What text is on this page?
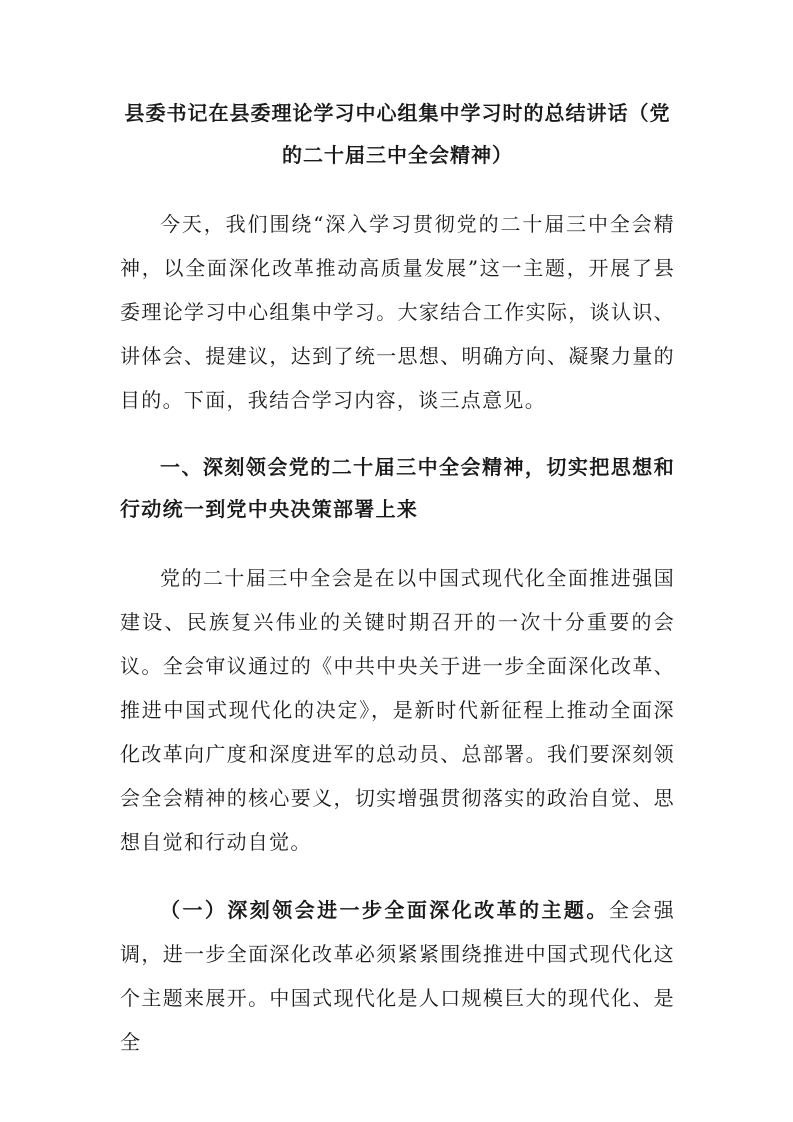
县委书记在县委理论学习中心组集中学习时的总结讲话（党的二十届三中全会精神）

今天，我们围绕“深入学习贯彻党的二十届三中全会精神，以全面深化改革推动高质量发展”这一主题，开展了县委理论学习中心组集中学习。大家结合工作实际，谈认识、讲体会、提建议，达到了统一思想、明确方向、凝聚力量的目的。下面，我结合学习内容，谈三点意见。

一、深刻领会党的二十届三中全会精神，切实把思想和行动统一到党中央决策部署上来

党的二十届三中全会是在以中国式现代化全面推进强国建设、民族复兴伟业的关键时期召开的一次十分重要的会议。全会审议通过的《中共中央关于进一步全面深化改革、推进中国式现代化的决定》，是新时代新征程上推动全面深化改革向广度和深度进军的总动员、总部署。我们要深刻领会全会精神的核心要义，切实增强贯彻落实的政治自觉、思想自觉和行动自觉。

（一）深刻领会进一步全面深化改革的主题。全会强调，进一步全面深化改革必须紧紧围绕推进中国式现代化这个主题来展开。中国式现代化是人口规模巨大的现代化、是全
